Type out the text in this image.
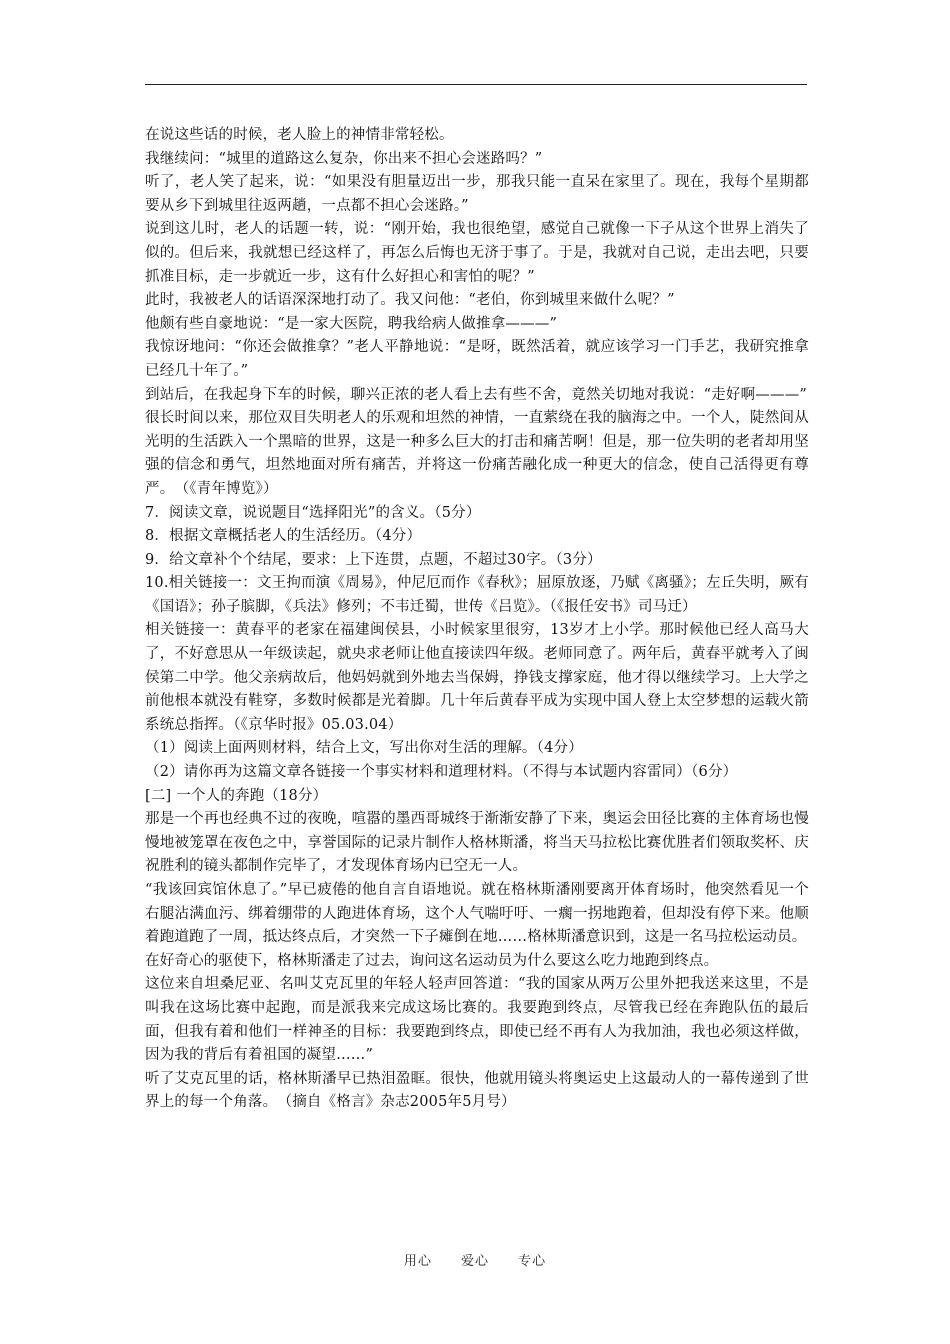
在说这些话的时候，老人脸上的神情非常轻松。

我继续问：“城里的道路这么复杂，你出来不担心会迷路吗？”

听了，老人笑了起来，说：“如果没有胆量迈出一步，那我只能一直呆在家里了。现在，我每个星期都要从乡下到城里往返两趟，一点都不担心会迷路。”

说到这儿时，老人的话题一转，说：“刚开始，我也很绝望，感觉自己就像一下子从这个世界上消失了似的。但后来，我就想已经这样了，再怎么后悔也无济于事了。于是，我就对自己说，走出去吧，只要抓准目标，走一步就近一步，这有什么好担心和害怕的呢？”

此时，我被老人的话语深深地打动了。我又问他：“老伯，你到城里来做什么呢？”

他颇有些自豪地说：“是一家大医院，聘我给病人做推拿———”

我惊讶地问：“你还会做推拿？”老人平静地说：“是呀，既然活着，就应该学习一门手艺，我研究推拿已经几十年了。”

到站后，在我起身下车的时候，聊兴正浓的老人看上去有些不舍，竟然关切地对我说：“走好啊———”

很长时间以来，那位双目失明老人的乐观和坦然的神情，一直萦绕在我的脑海之中。一个人，陡然间从光明的生活跌入一个黑暗的世界，这是一种多么巨大的打击和痛苦啊！但是，那一位失明的老者却用坚强的信念和勇气，坦然地面对所有痛苦，并将这一份痛苦融化成一种更大的信念，使自己活得更有尊严。　（《青年博览》）

7．阅读文章，说说题目“选择阳光”的含义。（5分）

8．根据文章概括老人的生活经历。（4分）

9．给文章补个个结尾，要求：上下连贯，点题，不超过30字。（3分）

10.相关链接一：文王拘而演《周易》，仲尼厄而作《春秋》；屈原放逐，乃赋《离骚》；左丘失明，厥有《国语》；孙子膑脚，《兵法》修列；不韦迁蜀，世传《吕览》。（《报任安书》司马迁）

相关链接一：黄春平的老家在福建闽侯县，小时候家里很穷，13岁才上小学。那时候他已经人高马大了，不好意思从一年级读起，就央求老师让他直接读四年级。老师同意了。两年后，黄春平就考入了闽侯第二中学。他父亲病故后，他妈妈就到外地去当保姆，挣钱支撑家庭，他才得以继续学习。上大学之前他根本就没有鞋穿，多数时候都是光着脚。几十年后黄春平成为实现中国人登上太空梦想的运载火箭系统总指挥。（《京华时报》05.03.04）

（1）阅读上面两则材料，结合上文，写出你对生活的理解。（4分）

（2）请你再为这篇文章各链接一个事实材料和道理材料。（不得与本试题内容雷同）（6分）

[二] 一个人的奔跑（18分）

那是一个再也经典不过的夜晚，喧嚣的墨西哥城终于渐渐安静了下来，奥运会田径比赛的主体育场也慢慢地被笼罩在夜色之中，享誉国际的记录片制作人格林斯潘，将当天马拉松比赛优胜者们领取奖杯、庆祝胜利的镜头都制作完毕了，才发现体育场内已空无一人。

“我该回宾馆休息了。”早已疲倦的他自言自语地说。就在格林斯潘刚要离开体育场时，他突然看见一个右腿沾满血污、绑着绷带的人跑进体育场，这个人气喘吁吁、一瘸一拐地跑着，但却没有停下来。他顺着跑道跑了一周，抵达终点后，才突然一下子瘫倒在地……格林斯潘意识到，这是一名马拉松运动员。

在好奇心的驱使下，格林斯潘走了过去，询问这名运动员为什么要这么吃力地跑到终点。

这位来自坦桑尼亚、名叫艾克瓦里的年轻人轻声回答道：“我的国家从两万公里外把我送来这里，不是叫我在这场比赛中起跑，而是派我来完成这场比赛的。我要跑到终点，尽管我已经在奔跑队伍的最后面，但我有着和他们一样神圣的目标：我要跑到终点，即使已经不再有人为我加油，我也必须这样做，因为我的背后有着祖国的凝望……”

听了艾克瓦里的话，格林斯潘早已热泪盈眶。很快，他就用镜头将奥运史上这最动人的一幕传递到了世界上的每一个角落。　（摘自《格言》杂志2005年5月号）

用心 爱心 专心
